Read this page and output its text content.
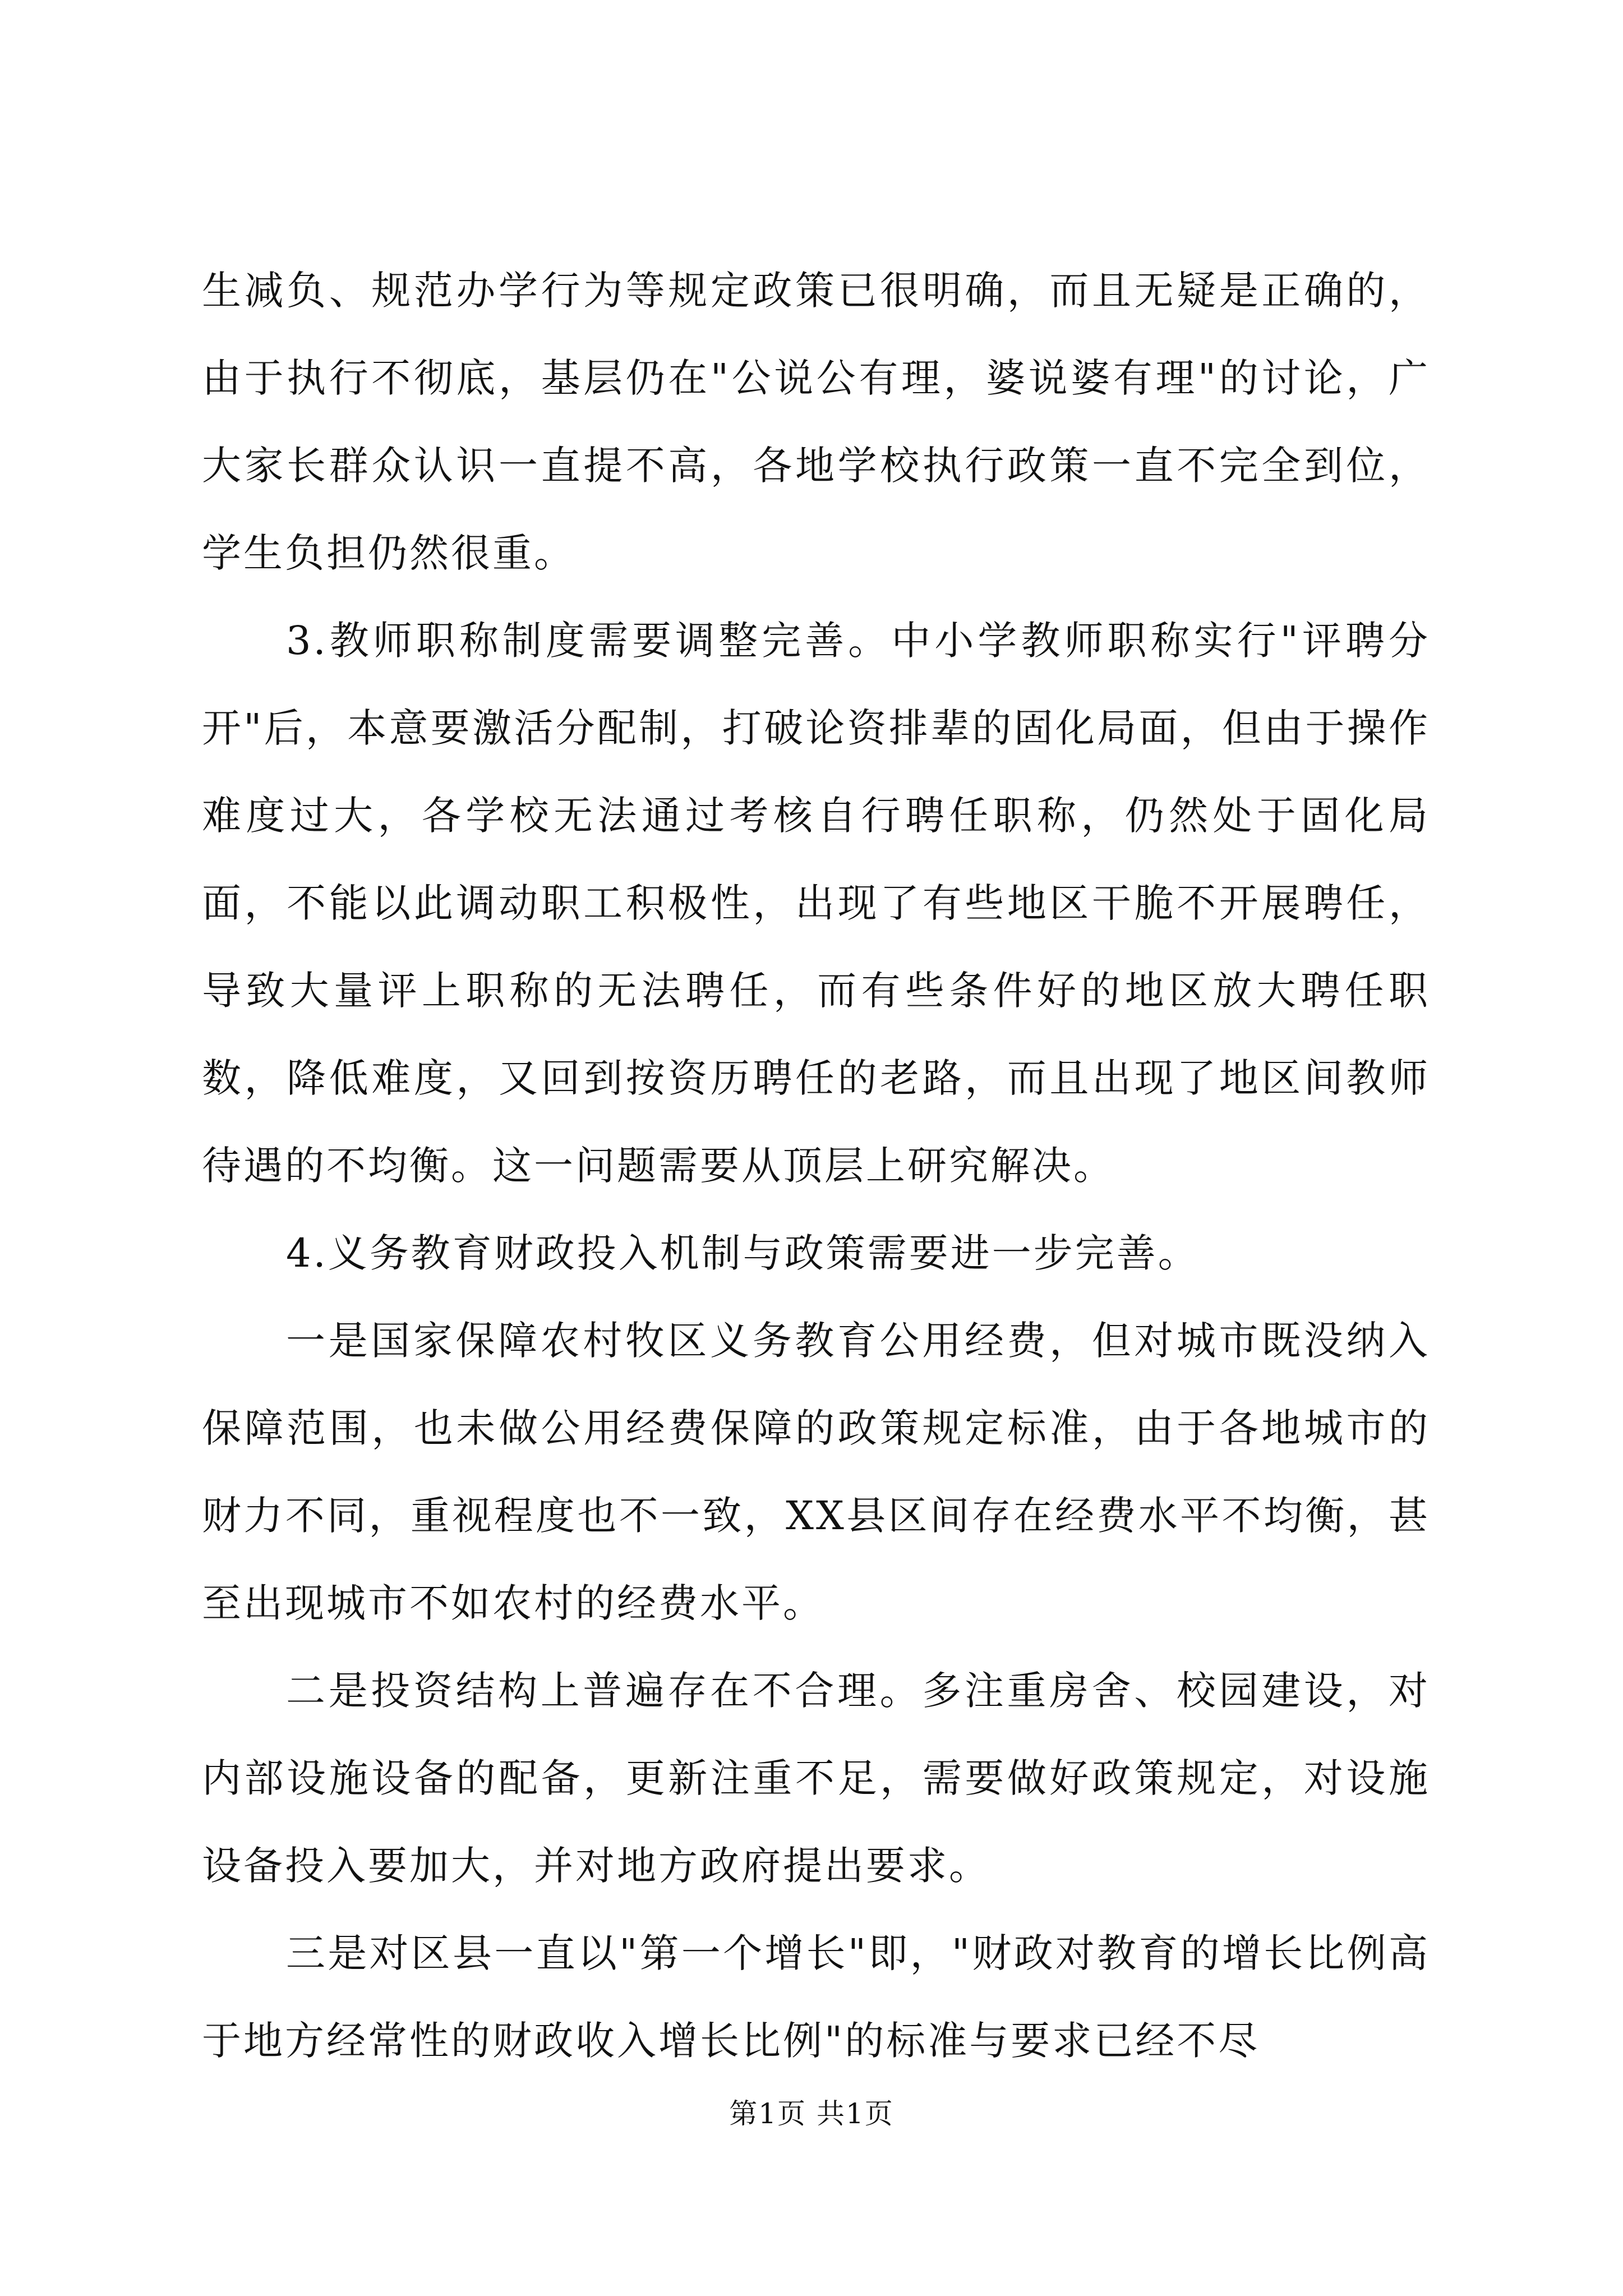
生减负、规范办学行为等规定政策已很明确，而且无疑是正确的，由于执行不彻底，基层仍在"公说公有理，婆说婆有理"的讨论，广大家长群众认识一直提不高，各地学校执行政策一直不完全到位，学生负担仍然很重。

3.教师职称制度需要调整完善。中小学教师职称实行"评聘分开"后，本意要激活分配制，打破论资排辈的固化局面，但由于操作难度过大，各学校无法通过考核自行聘任职称，仍然处于固化局面，不能以此调动职工积极性，出现了有些地区干脆不开展聘任，导致大量评上职称的无法聘任，而有些条件好的地区放大聘任职数，降低难度，又回到按资历聘任的老路，而且出现了地区间教师待遇的不均衡。这一问题需要从顶层上研究解决。

4.义务教育财政投入机制与政策需要进一步完善。

一是国家保障农村牧区义务教育公用经费，但对城市既没纳入保障范围，也未做公用经费保障的政策规定标准，由于各地城市的财力不同，重视程度也不一致，XX县区间存在经费水平不均衡，甚至出现城市不如农村的经费水平。

二是投资结构上普遍存在不合理。多注重房舍、校园建设，对内部设施设备的配备，更新注重不足，需要做好政策规定，对设施设备投入要加大，并对地方政府提出要求。

三是对区县一直以"第一个增长"即，"财政对教育的增长比例高于地方经常性的财政收入增长比例"的标准与要求已经不尽

第1页 共1页
